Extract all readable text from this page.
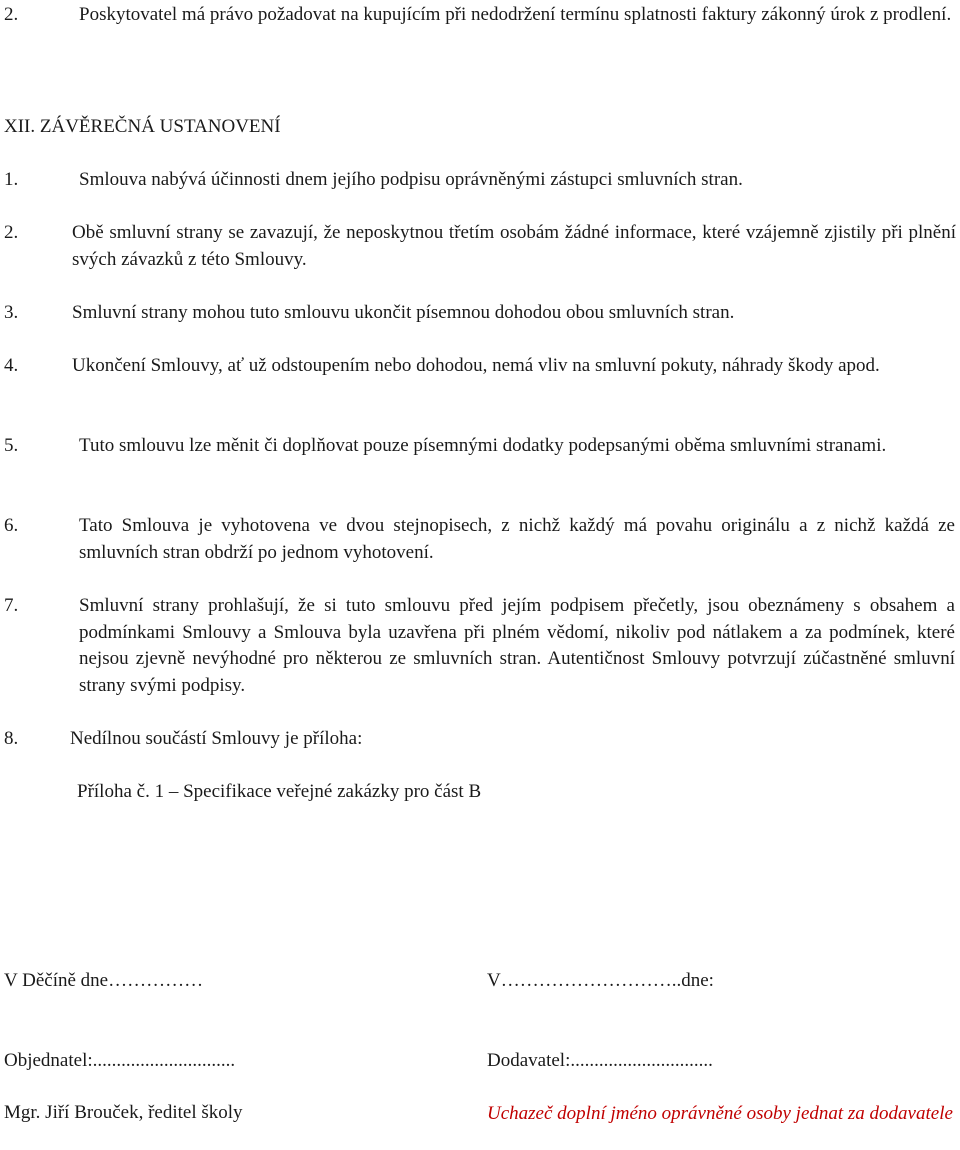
2.	Poskytovatel má právo požadovat na kupujícím při nedodržení termínu splatnosti faktury zákonný úrok z prodlení.
XII. ZÁVĚREČNÁ USTANOVENÍ
1.	Smlouva nabývá účinnosti dnem jejího podpisu oprávněnými zástupci smluvních stran.
2.	Obě smluvní strany se zavazují, že neposkytnou třetím osobám žádné informace, které vzájemně zjistily při plnění svých závazků z této Smlouvy.
3.	Smluvní strany mohou tuto smlouvu ukončit písemnou dohodou obou smluvních stran.
4.	Ukončení Smlouvy, ať už odstoupením nebo dohodou, nemá vliv na smluvní pokuty, náhrady škody apod.
5.	Tuto smlouvu lze měnit či doplňovat pouze písemnými dodatky podepsanými oběma smluvními stranami.
6.	Tato Smlouva je vyhotovena ve dvou stejnopisech, z nichž každý má povahu originálu a z nichž každá ze smluvních stran obdrží po jednom vyhotovení.
7.	Smluvní strany prohlašují, že si tuto smlouvu před jejím podpisem přečetly, jsou obeznámeny s obsahem a podmínkami Smlouvy a Smlouva byla uzavřena při plném vědomí, nikoliv pod nátlakem a za podmínek, které nejsou zjevně nevýhodné pro některou ze smluvních stran. Autentičnost Smlouvy potvrzují zúčastněné smluvní strany svými podpisy.
8.	Nedílnou součástí Smlouvy je příloha:
Příloha č. 1 – Specifikace veřejné zakázky pro část B
V Děčíně dne……………	V………………………..dne:
Objednatel:..............................	Dodavatel:..............................
Mgr. Jiří Brouček, ředitel školy	Uchazeč doplní jméno oprávněné osoby jednat za dodavatele
